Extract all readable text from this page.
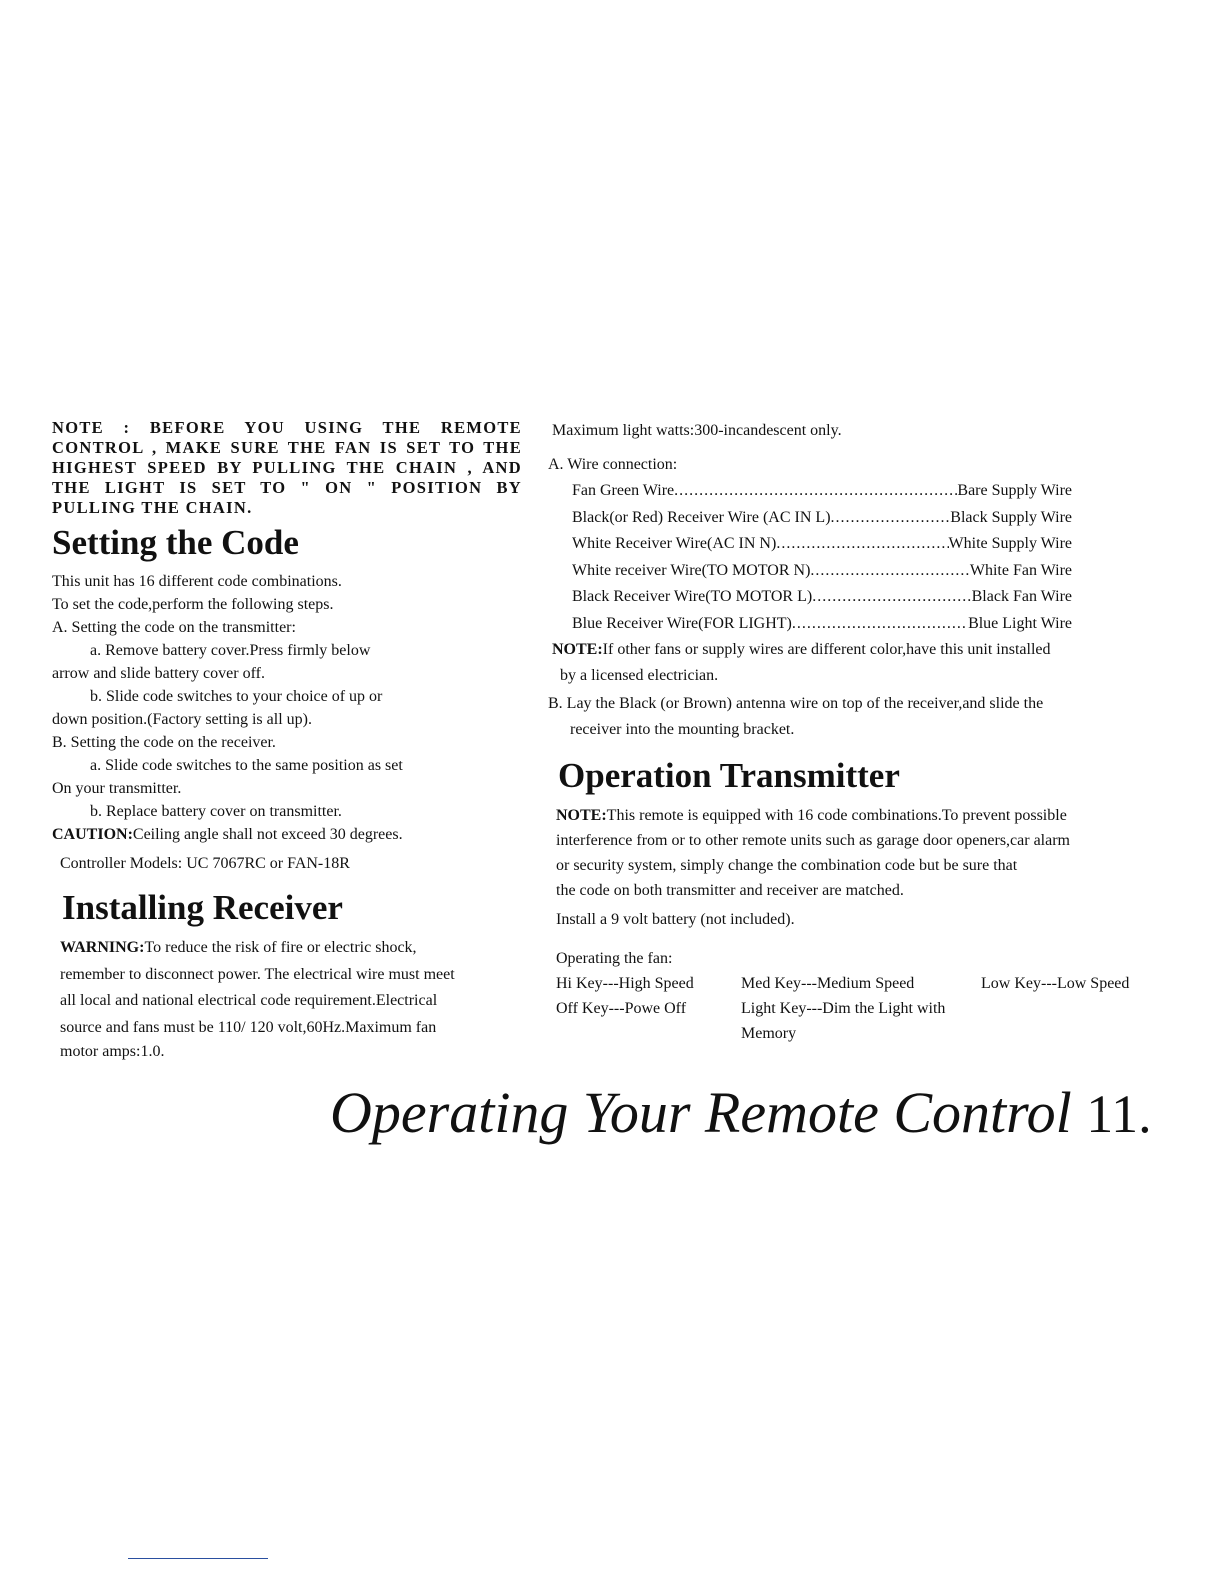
NOTE : BEFORE YOU USING THE REMOTE CONTROL , MAKE SURE THE FAN IS SET TO THE HIGHEST SPEED BY PULLING THE CHAIN , AND THE LIGHT IS SET TO " ON " POSITION BY PULLING THE CHAIN.

Setting the Code

This unit has 16 different code combinations.

To set the code,perform the following steps.

A. Setting the code on the transmitter:

a. Remove battery cover.Press firmly below

arrow and slide battery cover off.

b. Slide code switches to your choice of up or

down position.(Factory setting is all up).

B. Setting the code on the receiver.

a. Slide code switches to the same position as set

On your transmitter.

b. Replace battery cover on transmitter.

CAUTION:Ceiling angle shall not exceed 30 degrees.

Controller Models: UC 7067RC or FAN-18R

Installing Receiver

WARNING:To reduce the risk of fire or electric shock,

remember to disconnect power. The electrical wire must meet

all local and national electrical code requirement.Electrical

source and fans must be 110/ 120 volt,60Hz.Maximum fan

motor amps:1.0.

Maximum light watts:300-incandescent only.

A. Wire connection:

Fan Green Wire .....	Bare Supply Wire
Black(or Red) Receiver Wire (AC IN L) .....	Black Supply Wire
White Receiver Wire(AC IN N) .....	White Supply Wire
White receiver Wire(TO MOTOR N) .....	White Fan Wire
Black Receiver Wire(TO MOTOR L) .....	Black Fan Wire
Blue Receiver Wire(FOR LIGHT) .....	Blue Light Wire

NOTE:If other fans or supply wires are different color,have this unit installed

by a licensed electrician.

B. Lay the Black (or Brown) antenna wire on top of the receiver,and slide the

receiver into the mounting bracket.

Operation Transmitter

NOTE:This remote is equipped with 16 code combinations.To prevent possible

interference from or to other remote units such as garage door openers,car alarm

or security system, simply change the combination code but be sure that

the code on both transmitter and receiver are matched.

Install a 9 volt battery (not included).

Operating the fan:

Hi Key---High Speed	Med Key---Medium Speed	Low Key---Low Speed
Off Key---Powe Off	Light Key---Dim the Light with Memory
Operating Your Remote Control 11.
